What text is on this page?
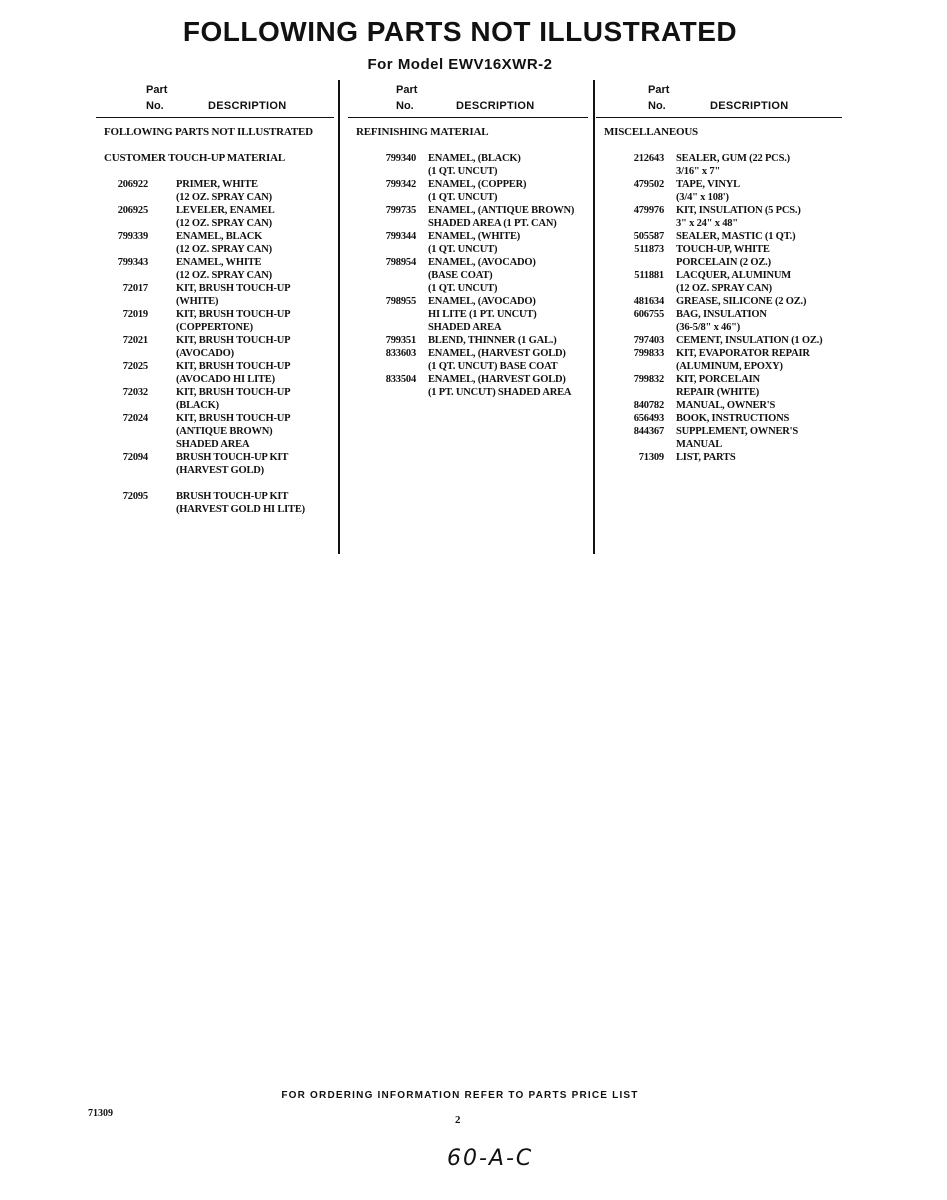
FOLLOWING PARTS NOT ILLUSTRATED
For Model EWV16XWR-2
Part
No.	DESCRIPTION
FOLLOWING PARTS NOT ILLUSTRATED
CUSTOMER TOUCH-UP MATERIAL
206922	PRIMER, WHITE
(12 OZ. SPRAY CAN)
206925	LEVELER, ENAMEL
(12 OZ. SPRAY CAN)
799339	ENAMEL, BLACK
(12 OZ. SPRAY CAN)
799343	ENAMEL, WHITE
(12 OZ. SPRAY CAN)
72017	KIT, BRUSH TOUCH-UP
(WHITE)
72019	KIT, BRUSH TOUCH-UP
(COPPERTONE)
72021	KIT, BRUSH TOUCH-UP
(AVOCADO)
72025	KIT, BRUSH TOUCH-UP
(AVOCADO HI LITE)
72032	KIT, BRUSH TOUCH-UP
(BLACK)
72024	KIT, BRUSH TOUCH-UP
(ANTIQUE BROWN)
SHADED AREA
72094	BRUSH TOUCH-UP KIT
(HARVEST GOLD)
72095	BRUSH TOUCH-UP KIT
(HARVEST GOLD HI LITE)
Part
No.	DESCRIPTION
REFINISHING MATERIAL
799340 ENAMEL, (BLACK)
(1 QT. UNCUT)
799342 ENAMEL, (COPPER)
(1 QT. UNCUT)
799735 ENAMEL, (ANTIQUE BROWN)
SHADED AREA (1 PT. CAN)
799344 ENAMEL, (WHITE)
(1 QT. UNCUT)
798954 ENAMEL, (AVOCADO)
(BASE COAT)
(1 QT. UNCUT)
798955 ENAMEL, (AVOCADO)
HI LITE (1 PT. UNCUT)
SHADED AREA
799351 BLEND, THINNER (1 GAL.)
833603 ENAMEL, (HARVEST GOLD)
(1 QT. UNCUT) BASE COAT
833504 ENAMEL, (HARVEST GOLD)
(1 PT. UNCUT) SHADED AREA
Part
No.	DESCRIPTION
MISCELLANEOUS
212643 SEALER, GUM (22 PCS.)
3/16" x 7"
479502 TAPE, VINYL
(3/4" x 108')
479976 KIT, INSULATION (5 PCS.)
3" x 24" x 48"
505587 SEALER, MASTIC (1 QT.)
511873 TOUCH-UP, WHITE
PORCELAIN (2 OZ.)
511881 LACQUER, ALUMINUM
(12 OZ. SPRAY CAN)
481634 GREASE, SILICONE (2 OZ.)
606755 BAG, INSULATION
(36-5/8" x 46")
797403 CEMENT, INSULATION (1 OZ.)
799833 KIT, EVAPORATOR REPAIR
(ALUMINUM, EPOXY)
799832 KIT, PORCELAIN
REPAIR (WHITE)
840782 MANUAL, OWNER'S
656493 BOOK, INSTRUCTIONS
844367 SUPPLEMENT, OWNER'S
MANUAL
71309 LIST, PARTS
FOR ORDERING INFORMATION REFER TO PARTS PRICE LIST
71309
2
60-A-C
